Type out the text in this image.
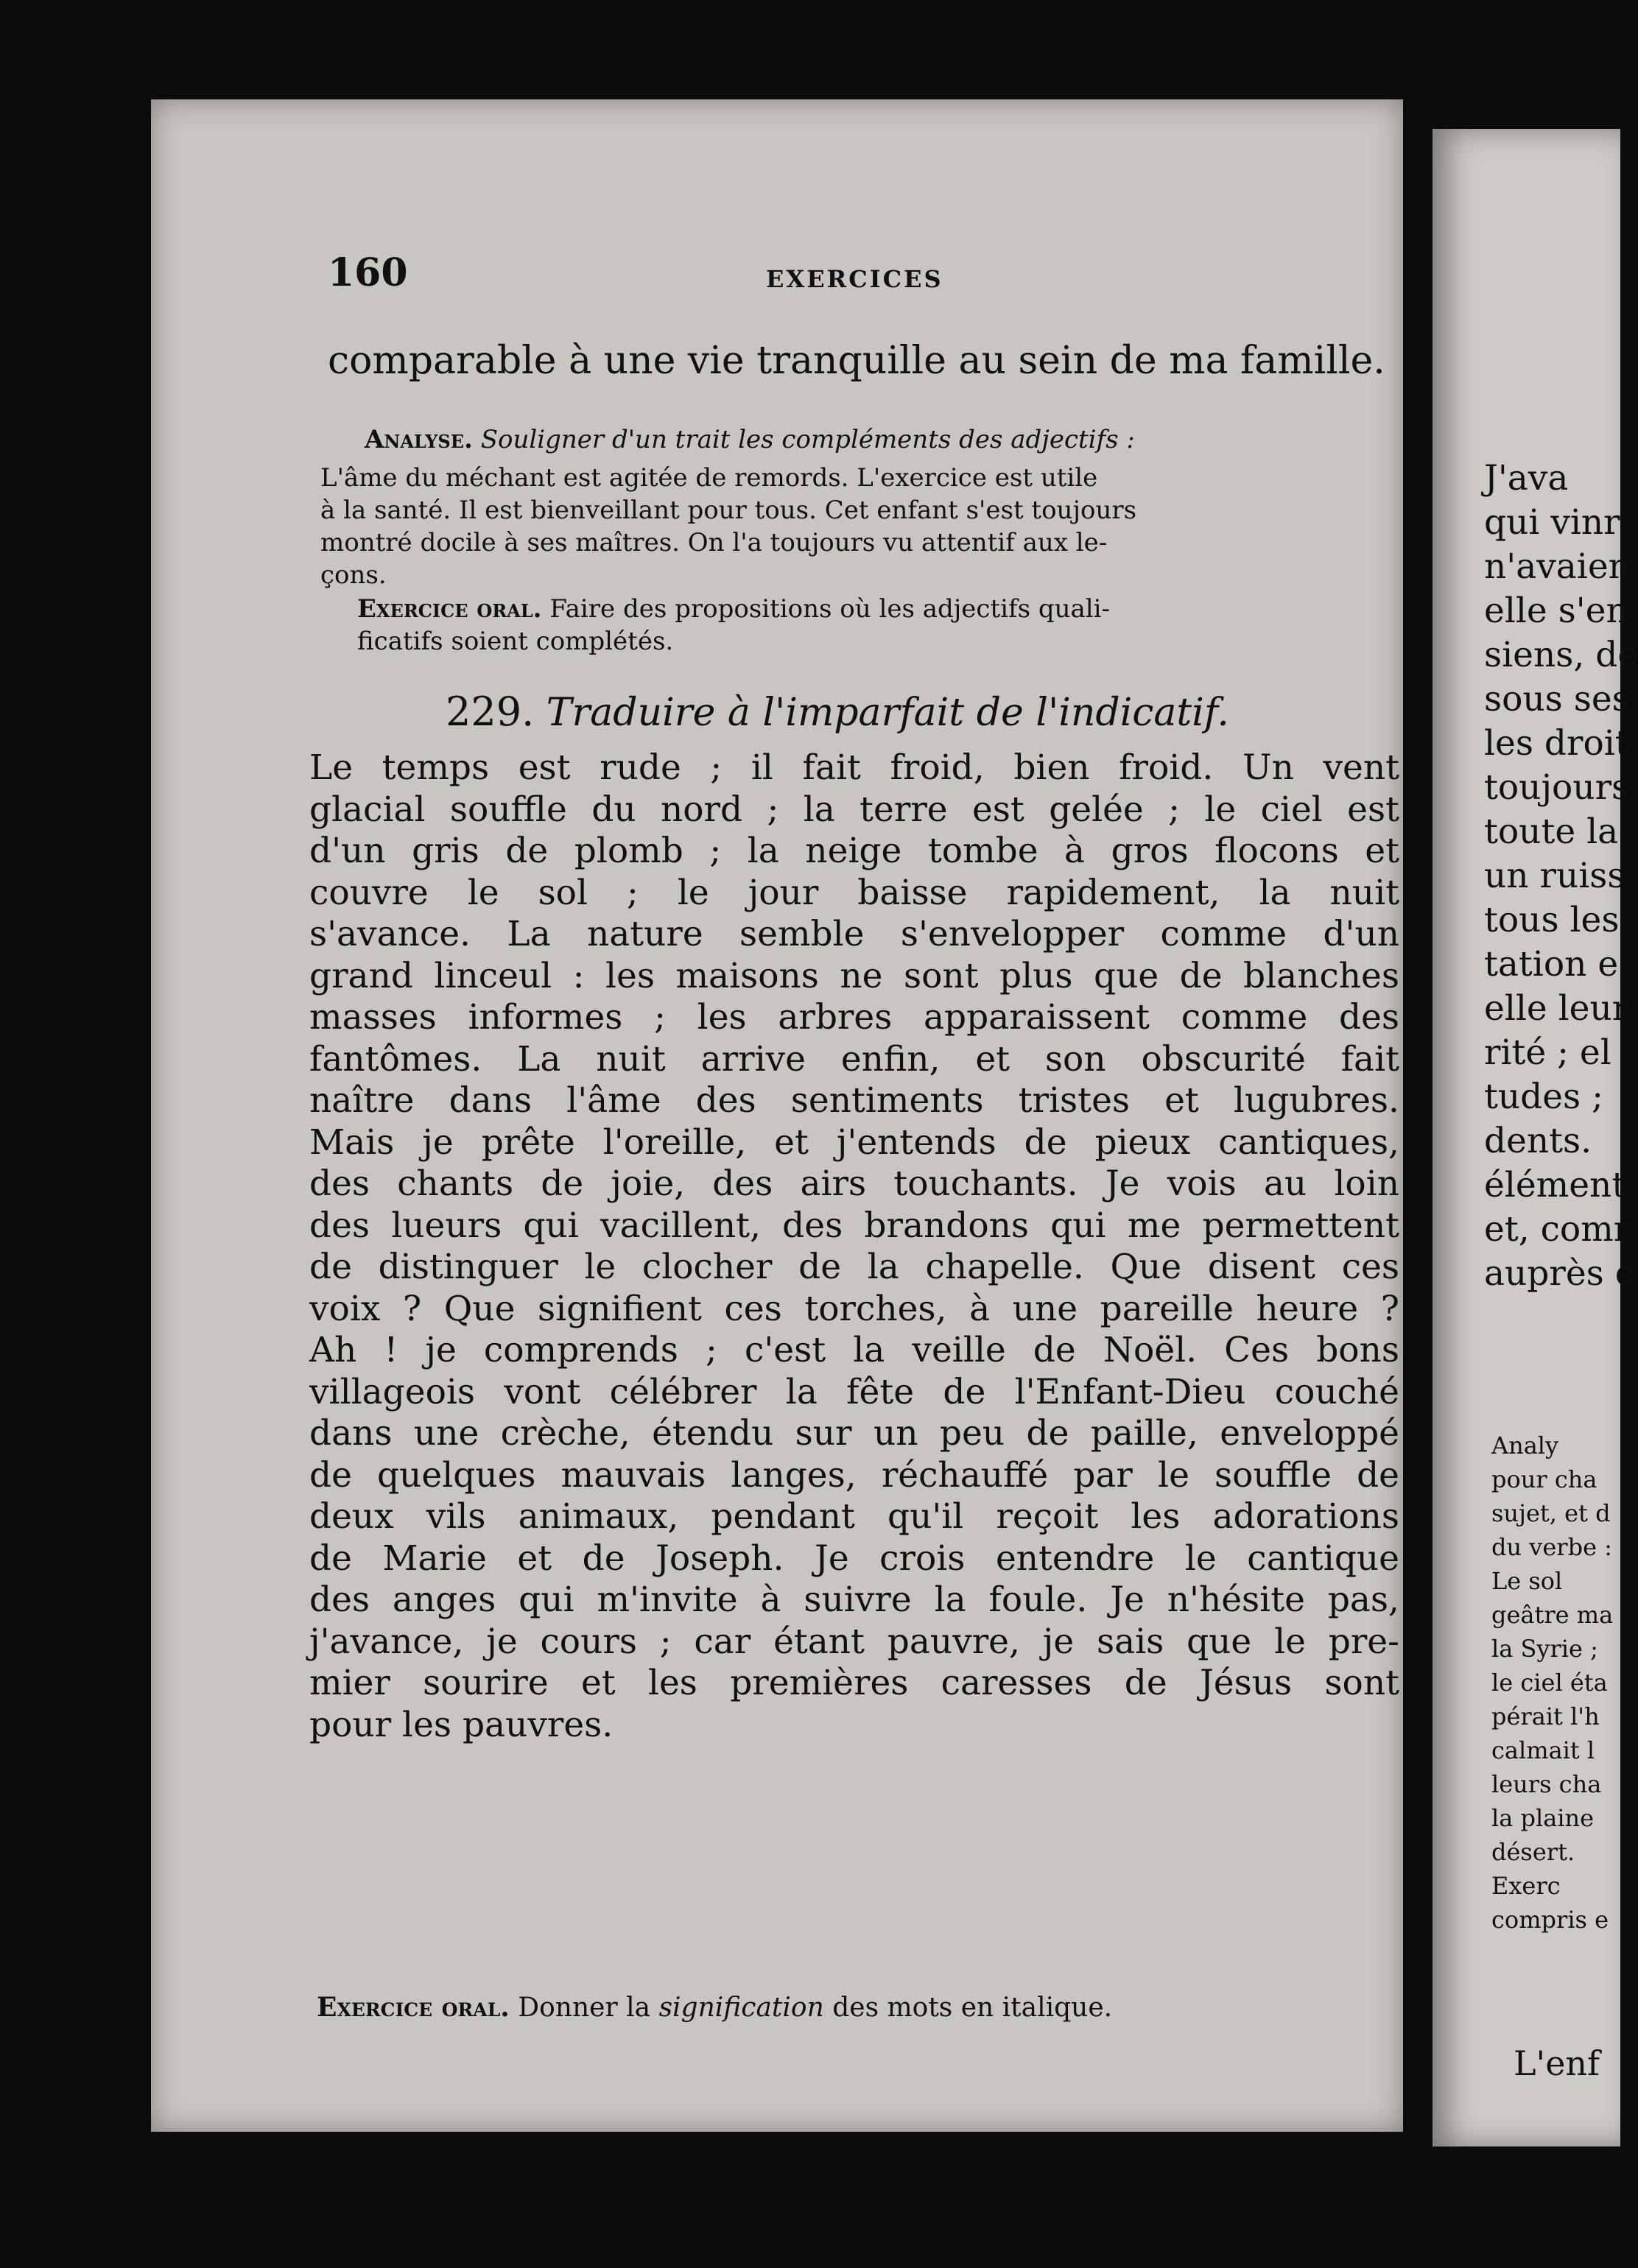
160	EXERCICES
comparable à une vie tranquille au sein de ma famille.
Analyse. Souligner d'un trait les compléments des adjectifs :
L'âme du méchant est agitée de remords. L'exercice est utile
à la santé. Il est bienveillant pour tous. Cet enfant s'est toujours
montré docile à ses maîtres. On l'a toujours vu attentif aux le-
çons.
Exercice oral. Faire des propositions où les adjectifs quali-
ficatifs soient complétés.
229. Traduire à l'imparfait de l'indicatif.
Le temps est rude ; il fait froid, bien froid. Un vent
glacial souffle du nord ; la terre est gelée ; le ciel est
d'un gris de plomb ; la neige tombe à gros flocons et
couvre le sol ; le jour baisse rapidement, la nuit
s'avance. La nature semble s'envelopper comme d'un
grand linceul : les maisons ne sont plus que de blanches
masses informes ; les arbres apparaissent comme des
fantômes. La nuit arrive enfin, et son obscurité fait
naître dans l'âme des sentiments tristes et lugubres.
Mais je prête l'oreille, et j'entends de pieux cantiques,
des chants de joie, des airs touchants. Je vois au loin
des lueurs qui vacillent, des brandons qui me permettent
de distinguer le clocher de la chapelle. Que disent ces
voix ? Que signifient ces torches, à une pareille heure ?
Ah ! je comprends ; c'est la veille de Noël. Ces bons
villageois vont célébrer la fête de l'Enfant-Dieu couché
dans une crèche, étendu sur un peu de paille, enveloppé
de quelques mauvais langes, réchauffé par le souffle de
deux vils animaux, pendant qu'il reçoit les adorations
de Marie et de Joseph. Je crois entendre le cantique
des anges qui m'invite à suivre la foule. Je n'hésite pas,
j'avance, je cours ; car étant pauvre, je sais que le pre-
mier sourire et les premières caresses de Jésus sont
pour les pauvres.
Exercice oral. Donner la signification des mots en italique.
J'ava
qui vinr
n'avaien
elle s'en
siens, de
sous ses
les droit
toujours
toute la
un ruiss
tous les
tation e
elle leur
rité ; el
tudes ;
dents.
élément
et, comr
auprès c
Analy
pour cha
sujet, et d
du verbe :
Le sol
geâtre ma
la Syrie ;
le ciel éta
pérait l'h
calmait l
leurs cha
la plaine
désert.
Exerc
compris e
L'enf
